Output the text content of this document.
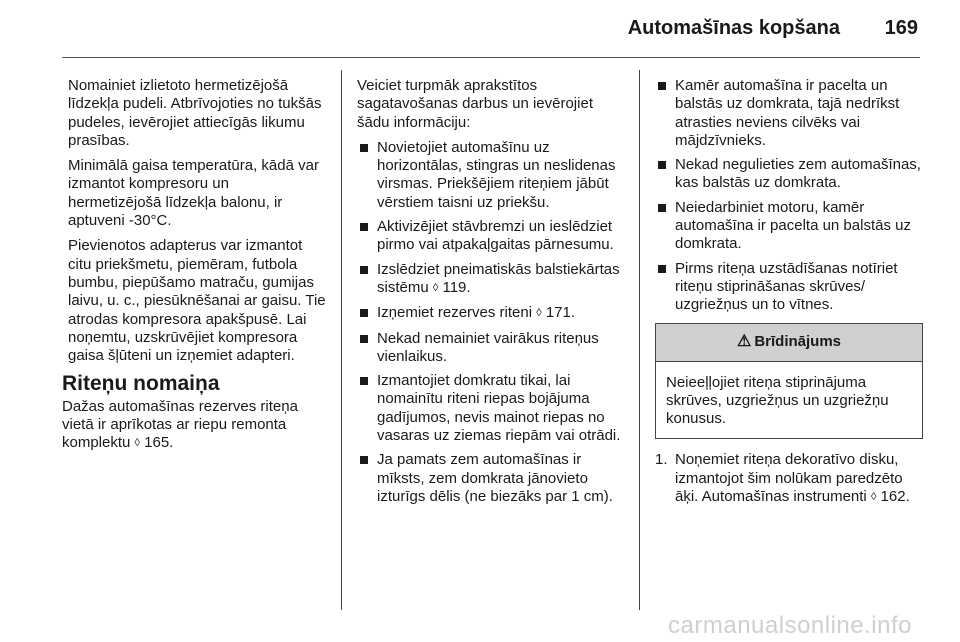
Automašīnas kopšana 169

Nomainiet izlietoto hermetizējošā līdzekļa pudeli. Atbrīvojoties no tukšās pudeles, ievērojiet attiecīgās likumu prasības.

Minimālā gaisa temperatūra, kādā var izmantot kompresoru un hermetizējošā līdzekļa balonu, ir aptuveni -30°C.

Pievienotos adapterus var izmantot citu priekšmetu, piemēram, futbola bumbu, piepūšamo matraču, gumijas laivu, u. c., piesūknēšanai ar gaisu. Tie atrodas kompresora apakšpusē. Lai noņemtu, uzskrūvējiet kompresora gaisa šļūteni un izņemiet adapteri.

Riteņu nomaiņa

Dažas automašīnas rezerves riteņa vietā ir aprīkotas ar riepu remonta komplektu ◊ 165.

Veiciet turpmāk aprakstītos sagatavošanas darbus un ievērojiet šādu informāciju:

Novietojiet automašīnu uz horizontālas, stingras un neslidenas virsmas. Priekšējiem riteņiem jābūt vērstiem taisni uz priekšu.
Aktivizējiet stāvbremzi un ieslēdziet pirmo vai atpakaļgaitas pārnesumu.
Izslēdziet pneimatiskās balstiekārtas sistēmu ◊ 119.
Izņemiet rezerves riteni ◊ 171.
Nekad nemainiet vairākus riteņus vienlaikus.
Izmantojiet domkratu tikai, lai nomainītu riteni riepas bojājuma gadījumos, nevis mainot riepas no vasaras uz ziemas riepām vai otrādi.
Ja pamats zem automašīnas ir mīksts, zem domkrata jānovieto izturīgs dēlis (ne biezāks par 1 cm).
Kamēr automašīna ir pacelta un balstās uz domkrata, tajā nedrīkst atrasties neviens cilvēks vai mājdzīvnieks.
Nekad negulieties zem automašīnas, kas balstās uz domkrata.
Neiedarbiniet motoru, kamēr automašīna ir pacelta un balstās uz domkrata.
Pirms riteņa uzstādīšanas notīriet riteņu stiprināšanas skrūves/ uzgriežņus un to vītnes.
⚠ Brīdinājums
Neieeļļojiet riteņa stiprinājuma skrūves, uzgriežņus un uzgriežņu konusus.
1. Noņemiet riteņa dekoratīvo disku, izmantojot šim nolūkam paredzēto āķi. Automašīnas instrumenti ◊ 162.
carmanualsonline.info
